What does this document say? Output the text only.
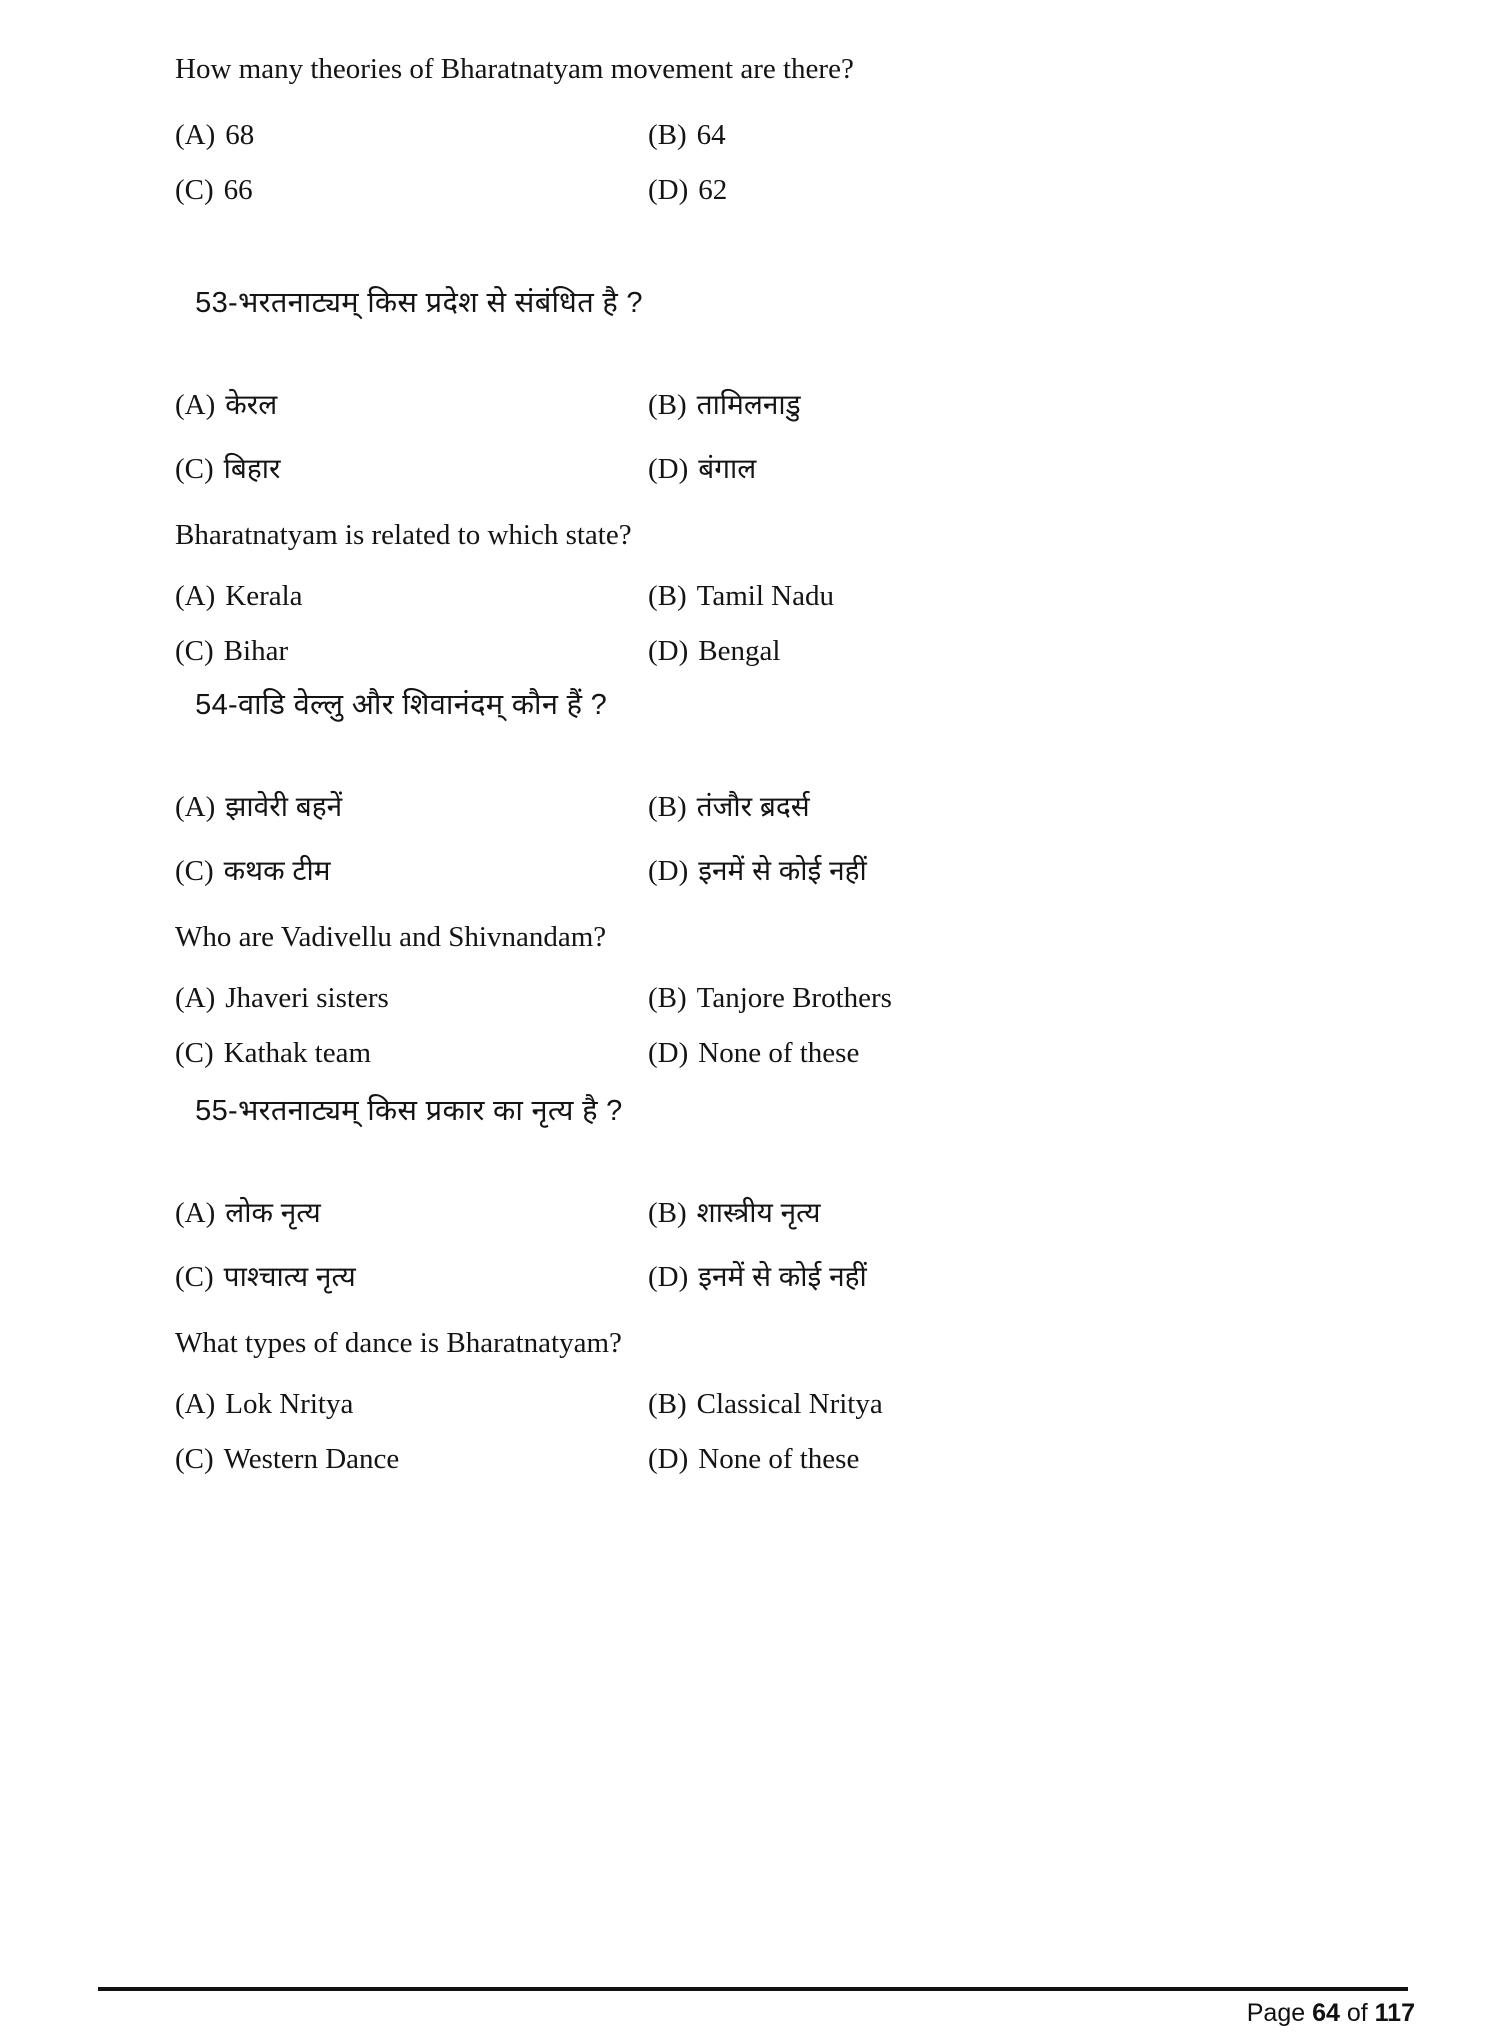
How many theories of Bharatnatyam movement are there?
(A) 68	(B) 64
(C) 66	(D) 62

53-भरतनाट्यम् किस प्रदेश से संबंधित है ?

(A) केरल	(B) तामिलनाडु
(C) बिहार	(D) बंगाल
Bharatnatyam is related to which state?
(A) Kerala	(B) Tamil Nadu
(C) Bihar	(D) Bengal

54-वाडि वेल्लु और शिवानंदम् कौन हैं ?

(A) झावेरी बहनें	(B) तंजौर ब्रदर्स
(C) कथक टीम	(D) इनमें से कोई नहीं
Who are Vadivellu and Shivnandam?
(A) Jhaveri sisters	(B) Tanjore Brothers
(C) Kathak team	(D) None of these

55-भरतनाट्यम् किस प्रकार का नृत्य है ?

(A) लोक नृत्य	(B) शास्त्रीय नृत्य
(C) पाश्चात्य नृत्य	(D) इनमें से कोई नहीं
What types of dance is Bharatnatyam?
(A) Lok Nritya	(B) Classical Nritya
(C) Western Dance	(D) None of these
Page 64 of 117
